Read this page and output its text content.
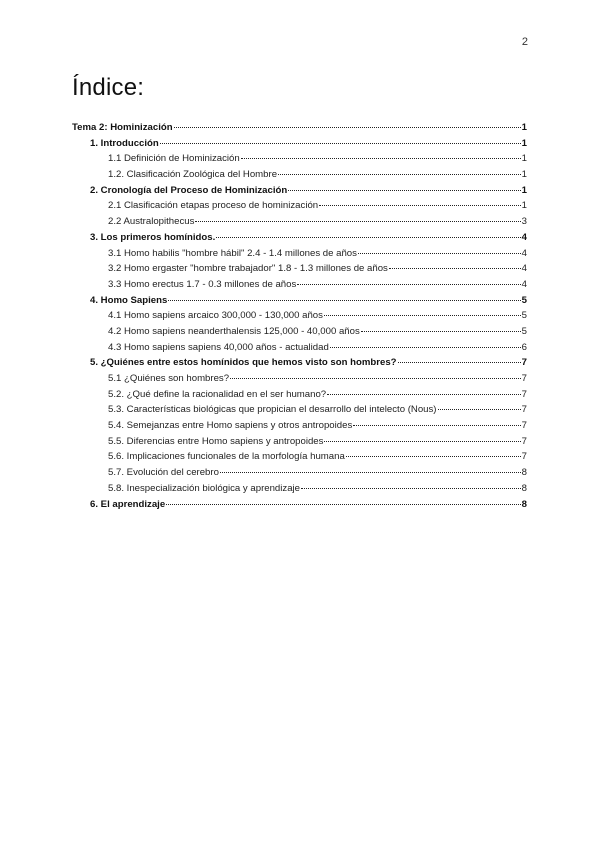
2
Índice:
Tema 2: Hominización	1
1. Introducción	1
1.1 Definición de Hominización	1
1.2. Clasificación Zoológica del Hombre	1
2. Cronología del Proceso de Hominización	1
2.1 Clasificación etapas proceso de hominización	1
2.2 Australopithecus	3
3. Los primeros homínidos.	4
3.1 Homo habilis "hombre hábil" 2.4 - 1.4 millones de años	4
3.2 Homo ergaster "hombre trabajador" 1.8 - 1.3 millones de años	4
3.3 Homo erectus 1.7 - 0.3 millones de años	4
4. Homo Sapiens	5
4.1 Homo sapiens arcaico 300,000 - 130,000 años	5
4.2 Homo sapiens neanderthalensis 125,000 - 40,000 años	5
4.3 Homo sapiens sapiens 40,000 años - actualidad	6
5. ¿Quiénes entre estos homínidos que hemos visto son hombres?	7
5.1 ¿Quiénes son hombres?	7
5.2. ¿Qué define la racionalidad en el ser humano?	7
5.3. Características biológicas que propician el desarrollo del intelecto (Nous)	7
5.4. Semejanzas entre Homo sapiens y otros antropoides	7
5.5. Diferencias entre Homo sapiens y antropoides	7
5.6. Implicaciones funcionales de la morfología humana	7
5.7. Evolución del cerebro	8
5.8. Inespecialización biológica y aprendizaje	8
6. El aprendizaje	8
